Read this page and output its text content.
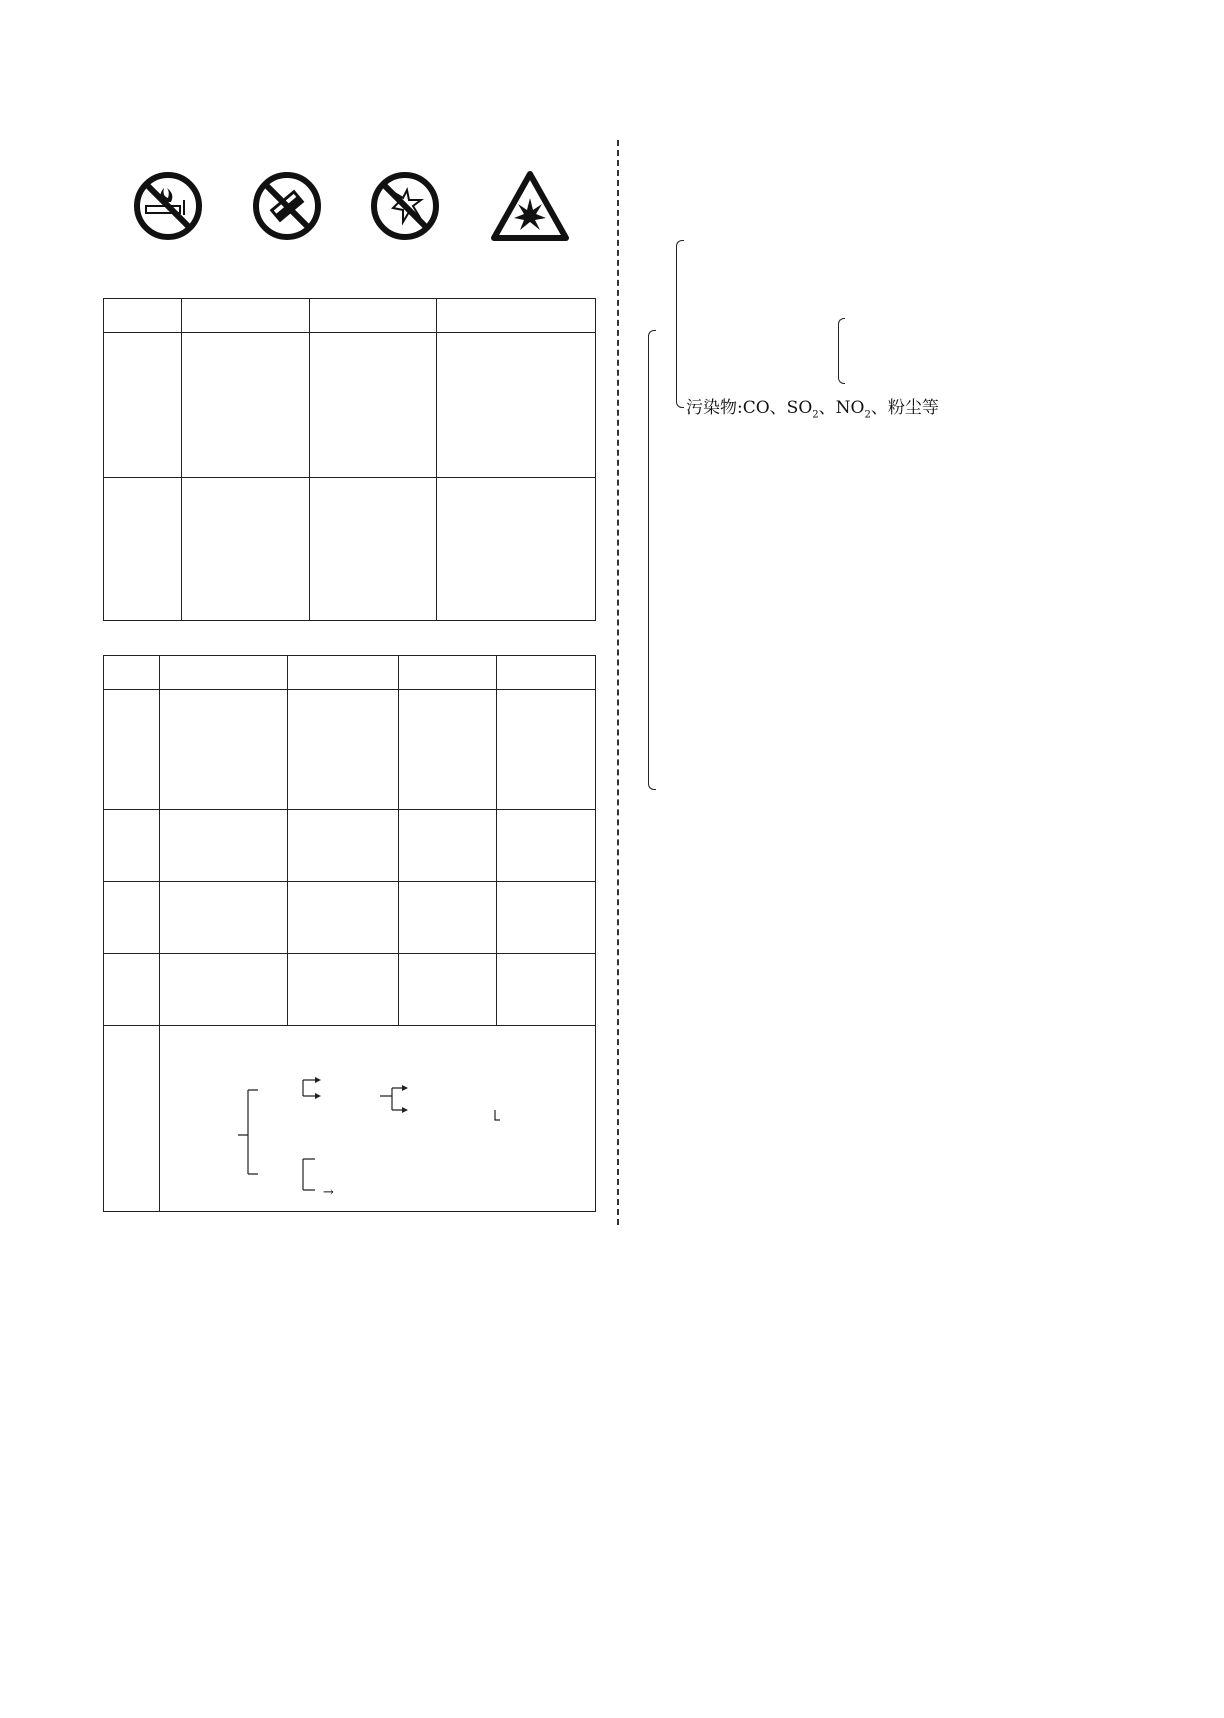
	→			
污染物:CO、$SO_2$、$NO_2$、粉尘等
